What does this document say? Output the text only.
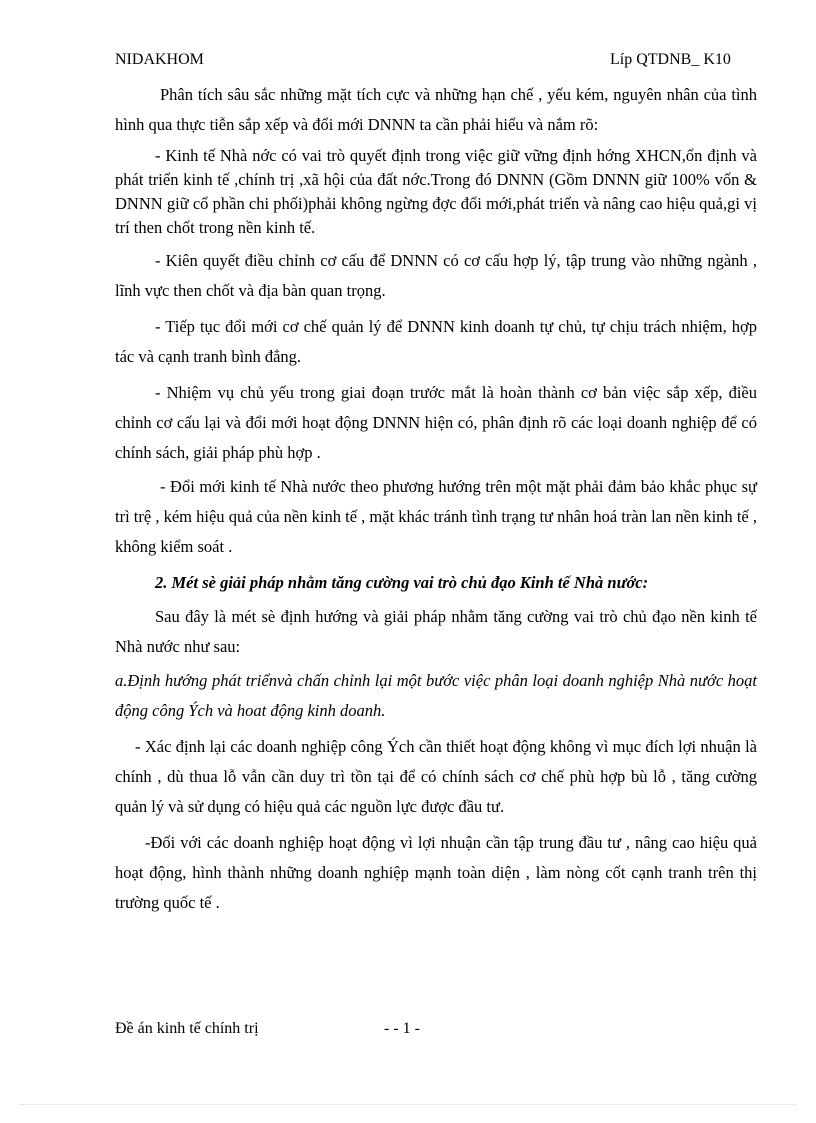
NIDAKHOM	Líp QTDNB_ K10

Phân tích sâu sắc những mặt tích cực và những hạn chế , yếu kém, nguyên nhân của tình hình qua thực tiễn sắp xếp và đổi mới DNNN ta cần phải hiểu và nắm rõ:

- Kinh tế Nhà nớc có vai trò quyết định trong việc giữ vững định hớng XHCN,ổn định và phát triển kinh tế ,chính trị ,xã hội của đất nớc.Trong đó DNNN (Gồm DNNN giữ 100% vốn & DNNN giữ cổ phần chi phối)phải không ngừng đợc đổi mới,phát triển và nâng cao hiệu quả,gi vị trí then chốt trong nền kinh tế.

- Kiên quyết điều chỉnh cơ cấu để DNNN có cơ cấu hợp lý, tập trung vào những ngành , lĩnh vực then chốt và địa bàn quan trọng.

- Tiếp tục đổi mới cơ chế quản lý để DNNN kinh doanh tự chủ, tự chịu trách nhiệm, hợp tác và cạnh tranh bình đẳng.

- Nhiệm vụ chủ yếu trong giai đoạn trước mắt là hoàn thành cơ bản việc sắp xếp, điều chỉnh cơ cấu lại và đổi mới hoạt động DNNN hiện có, phân định rõ các loại doanh nghiệp để có chính sách, giải pháp phù hợp .

- Đổi mới kinh tế Nhà nước theo phương hướng trên một mặt phải đảm bảo khắc phục sự trì trệ , kém hiệu quả của nền kinh tế , mặt khác tránh tình trạng tư nhân hoá tràn lan nền kinh tế , không kiểm soát .

2. Mét sè giải pháp nhằm tăng cường vai trò chủ đạo Kinh tế Nhà nước:

Sau đây là mét sè định hướng và giải pháp nhằm tăng cường vai trò chủ đạo nền kinh tế Nhà nước như sau:

a.Định hướng phát triểnvà chấn chỉnh lại một bước việc phân loại doanh nghiệp Nhà nước hoạt động công Ých và hoat động kinh doanh.

- Xác định lại các doanh nghiệp công Ých cần thiết hoạt động không vì mục đích lợi nhuận là chính , dù thua lỗ vẫn cần duy trì tồn tại để có chính sách cơ chế phù hợp bù lỗ , tăng cường quản lý và sử dụng có hiệu quả các nguồn lực được đầu tư.

-Đối với các doanh nghiệp hoạt động vì lợi nhuận cần tập trung đầu tư , nâng cao hiệu quả hoạt động, hình thành những doanh nghiệp mạnh toàn diện , làm nòng cốt cạnh tranh trên thị trường quốc tế .

Đề án kinh tế chính trị	- - 1 -
